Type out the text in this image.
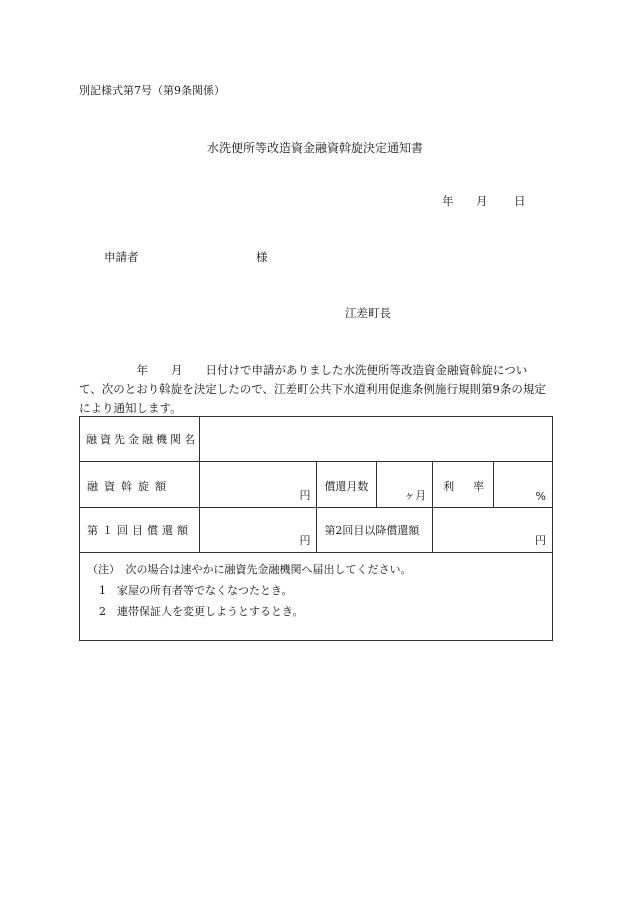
別記様式第7号（第9条関係）
水洗便所等改造資金融資斡旋決定通知書
年 月 日
申請者	様
江差町長
　　　　　年　　月　　日付けで申請がありました水洗便所等改造資金融資斡旋につい
て、次のとおり斡旋を決定したので、江差町公共下水道利用促進条例施行規則第9条の規定
により通知します。
融資先金融機関名					

融資斡旋額	円	償還月数	ヶ月	利　率	%

第１回目償還額	円	第2回目以降償還額		円	

（注）　次の場合は速やかに融資先金融機関へ届出してください。
1　家屋の所有者等でなくなつたとき。
2　連帯保証人を変更しようとするとき。					
